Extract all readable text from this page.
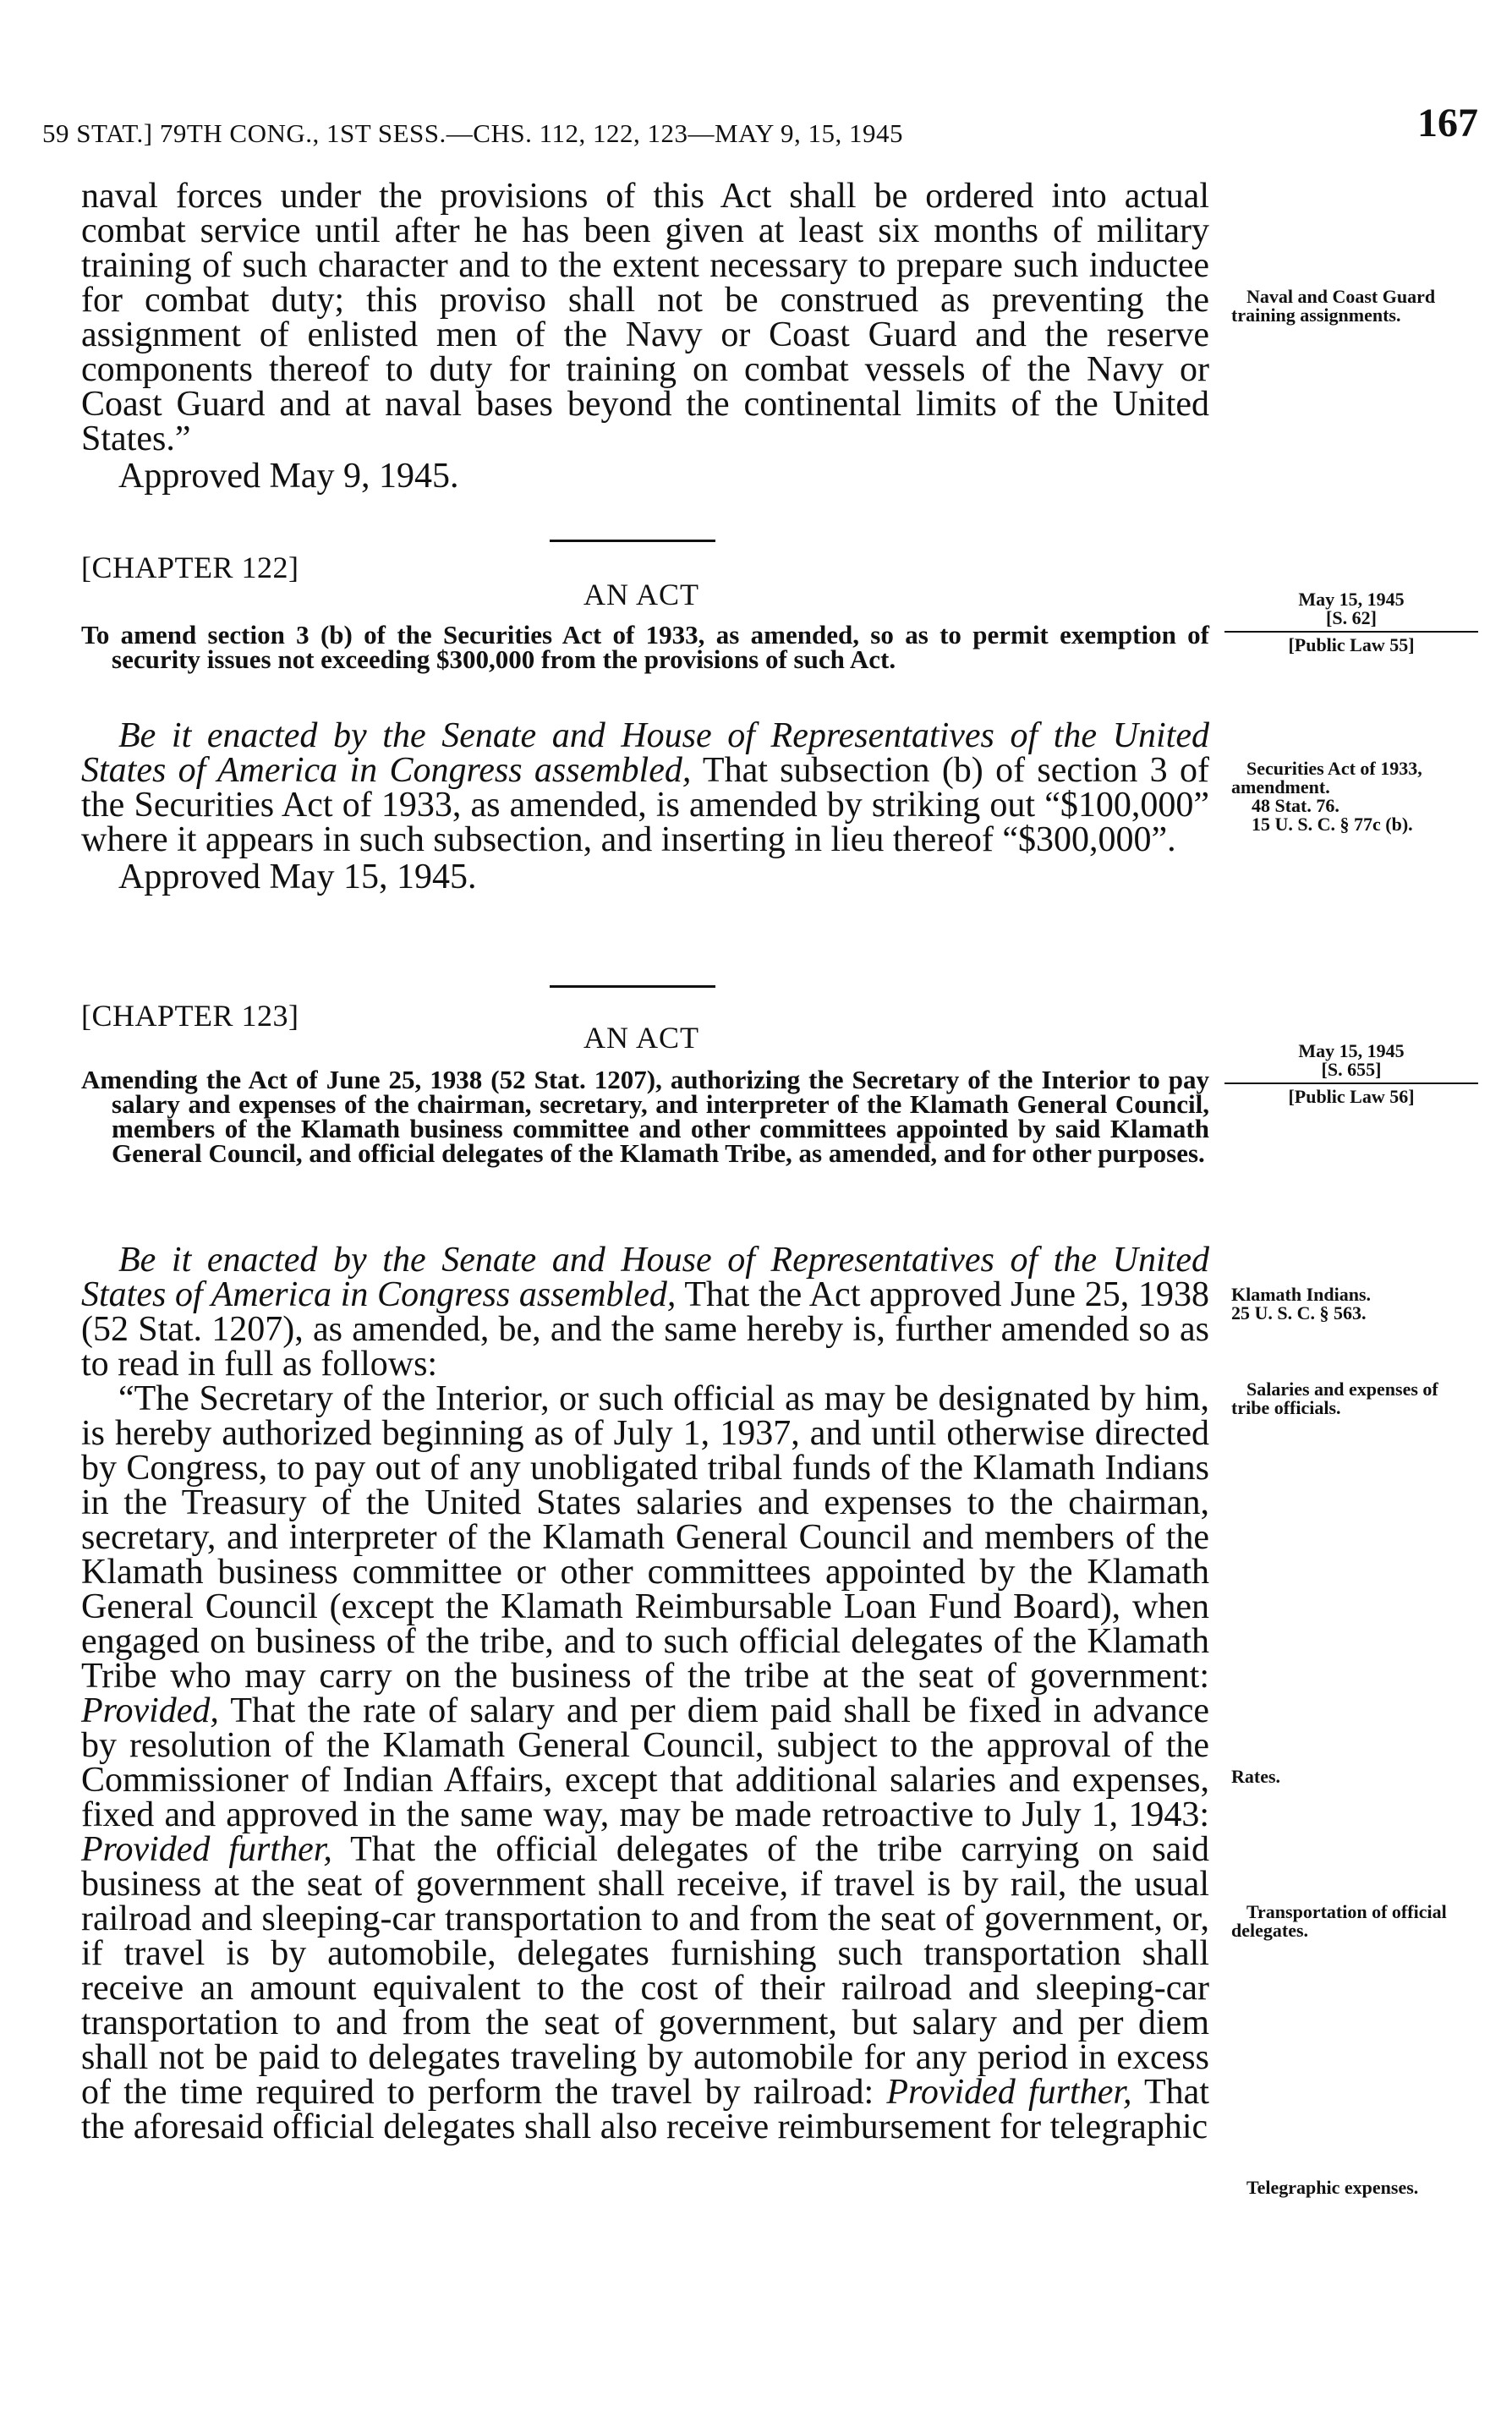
59 STAT.] 79TH CONG., 1ST SESS.—CHS. 112, 122, 123—MAY 9, 15, 1945	167

naval forces under the provisions of this Act shall be ordered into actual combat service until after he has been given at least six months of military training of such character and to the extent necessary to prepare such inductee for combat duty; this proviso shall not be construed as preventing the assignment of enlisted men of the Navy or Coast Guard and the reserve components thereof to duty for training on combat vessels of the Navy or Coast Guard and at naval bases beyond the continental limits of the United States.”

Approved May 9, 1945.

Naval and Coast Guard training assignments.
[CHAPTER 122]
AN ACT
To amend section 3 (b) of the Securities Act of 1933, as amended, so as to permit exemption of security issues not exceeding $300,000 from the provisions of such Act.
May 15, 1945
[S. 62]
[Public Law 55]

Be it enacted by the Senate and House of Representatives of the United States of America in Congress assembled, That subsection (b) of section 3 of the Securities Act of 1933, as amended, is amended by striking out “$100,000” where it appears in such subsection, and inserting in lieu thereof “$300,000”.

Approved May 15, 1945.

Securities Act of 1933, amendment.
48 Stat. 76.
15 U. S. C. § 77c (b).
[CHAPTER 123]
AN ACT
Amending the Act of June 25, 1938 (52 Stat. 1207), authorizing the Secretary of the Interior to pay salary and expenses of the chairman, secretary, and interpreter of the Klamath General Council, members of the Klamath business committee and other committees appointed by said Klamath General Council, and official delegates of the Klamath Tribe, as amended, and for other purposes.
May 15, 1945
[S. 655]
[Public Law 56]

Be it enacted by the Senate and House of Representatives of the United States of America in Congress assembled, That the Act approved June 25, 1938 (52 Stat. 1207), as amended, be, and the same hereby is, further amended so as to read in full as follows:

“The Secretary of the Interior, or such official as may be designated by him, is hereby authorized beginning as of July 1, 1937, and until otherwise directed by Congress, to pay out of any unobligated tribal funds of the Klamath Indians in the Treasury of the United States salaries and expenses to the chairman, secretary, and interpreter of the Klamath General Council and members of the Klamath business committee or other committees appointed by the Klamath General Council (except the Klamath Reimbursable Loan Fund Board), when engaged on business of the tribe, and to such official delegates of the Klamath Tribe who may carry on the business of the tribe at the seat of government: Provided, That the rate of salary and per diem paid shall be fixed in advance by resolution of the Klamath General Council, subject to the approval of the Commissioner of Indian Affairs, except that additional salaries and expenses, fixed and approved in the same way, may be made retroactive to July 1, 1943: Provided further, That the official delegates of the tribe carrying on said business at the seat of government shall receive, if travel is by rail, the usual railroad and sleeping-car transportation to and from the seat of government, or, if travel is by automobile, delegates furnishing such transportation shall receive an amount equivalent to the cost of their railroad and sleeping-car transportation to and from the seat of government, but salary and per diem shall not be paid to delegates traveling by automobile for any period in excess of the time required to perform the travel by railroad: Provided further, That the aforesaid official delegates shall also receive reimbursement for telegraphic

Klamath Indians.
25 U. S. C. § 563.
Salaries and expenses of tribe officials.
Rates.
Transportation of official delegates.
Telegraphic expenses.
